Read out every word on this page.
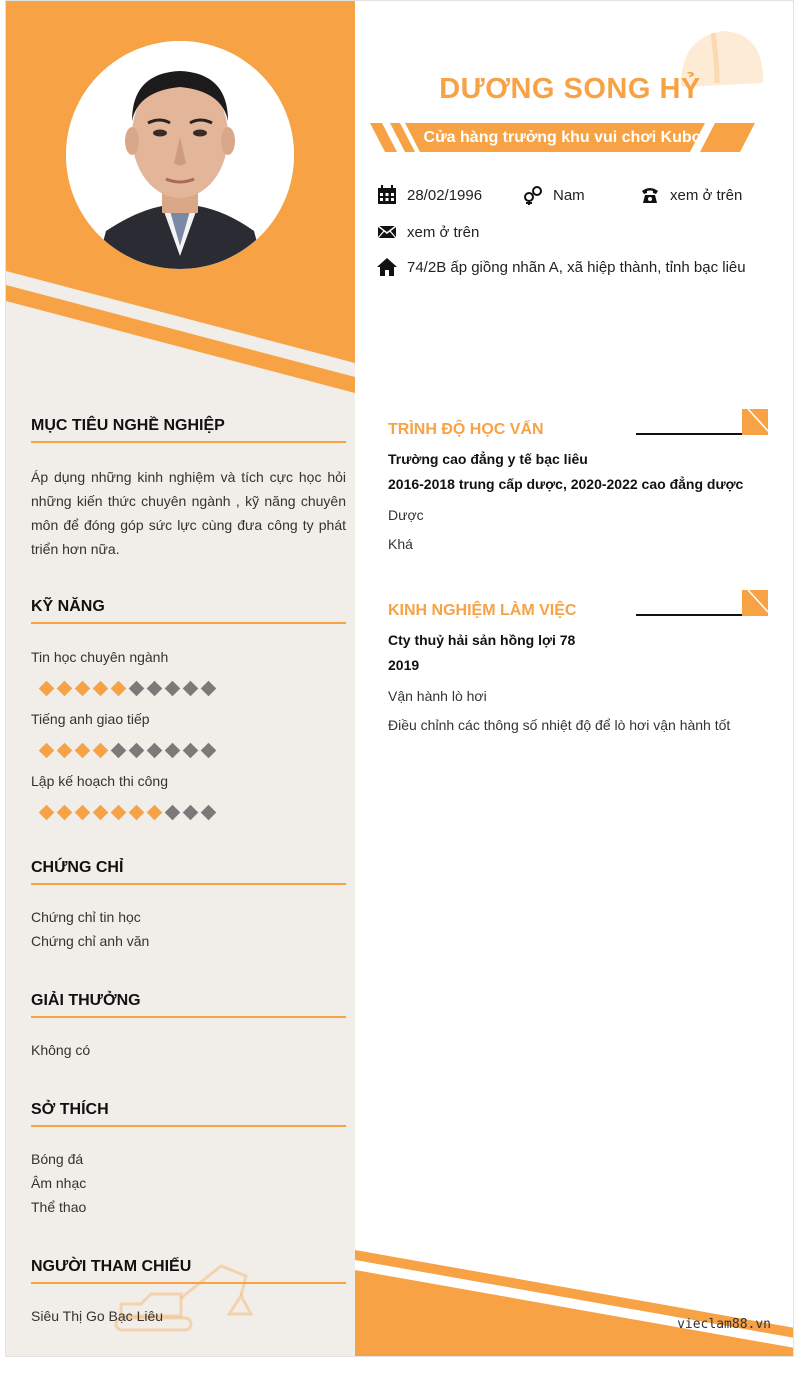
MỤC TIÊU NGHỀ NGHIỆP
Áp dụng những kinh nghiệm và tích cực học hỏi những kiến thức chuyên ngành , kỹ năng chuyên môn để đóng góp sức lực cùng đưa công ty phát triển hơn nữa.
KỸ NĂNG
Tin học chuyên ngành
Tiếng anh giao tiếp
Lập kế hoạch thi công
CHỨNG CHỈ
Chứng chỉ tin học
Chứng chỉ anh văn
GIẢI THƯỞNG
Không có
SỞ THÍCH
Bóng đá
Âm nhạc
Thể thao
NGƯỜI THAM CHIẾU
Siêu Thị Go Bạc Liêu
DƯƠNG SONG HỶ
Cửa hàng trưởng khu vui chơi Kubo
28/02/1996	Nam	xem ở trên
xem ở trên
74/2B ấp giồng nhãn A, xã hiệp thành, tỉnh bạc liêu
TRÌNH ĐỘ HỌC VẤN
Trường cao đẳng y tế bạc liêu
2016-2018 trung cấp dược, 2020-2022 cao đẳng dược
Dược
Khá
KINH NGHIỆM LÀM VIỆC
Cty thuỷ hải sản hồng lợi 78
2019
Vận hành lò hơi
Điều chỉnh các thông số nhiệt độ để lò hơi vận hành tốt
vieclam88.vn
